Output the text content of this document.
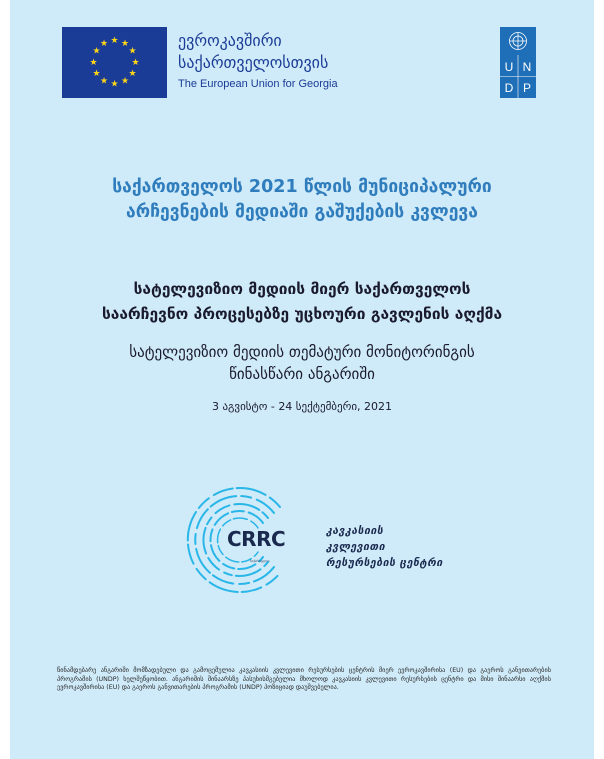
★ ★
★
★
★
★
★
★
★
★
★
★	ევროკავშირი
საქართველოსთვის
The European Union for Georgia
U N
D P
საქართველოს 2021 წლის მუნიციპალური
არჩევნების მედიაში გაშუქების კვლევა
სატელევიზიო მედიის მიერ საქართველოს
საარჩევნო პროცესებზე უცხოური გავლენის აღქმა
სატელევიზიო მედიის თემატური მონიტორინგის
წინასწარი ანგარიში
3 აგვისტო - 24 სექტემბერი, 2021
CRRC
საქართველო
კავკასიის კვლევითი
რესურსების ცენტრი
წინამდებარე ანგარიში მომზადებული და გამოცემულია კავკასიის კვლევითი რესურსების ცენტრის მიერ ევროკავშირისა (EU) და გაეროს განვითარების პროგრამის (UNDP) ხელშეწყობით. ანგარიშის შინაარსზე პასუხისმგებელია მხოლოდ კავკასიის კვლევითი რესურსების ცენტრი და მისი შინაარსი აღქმის ევროკავშირისა (EU) და გაეროს განვითარების პროგრამის (UNDP) პოზიციად დაუშვებელია.
